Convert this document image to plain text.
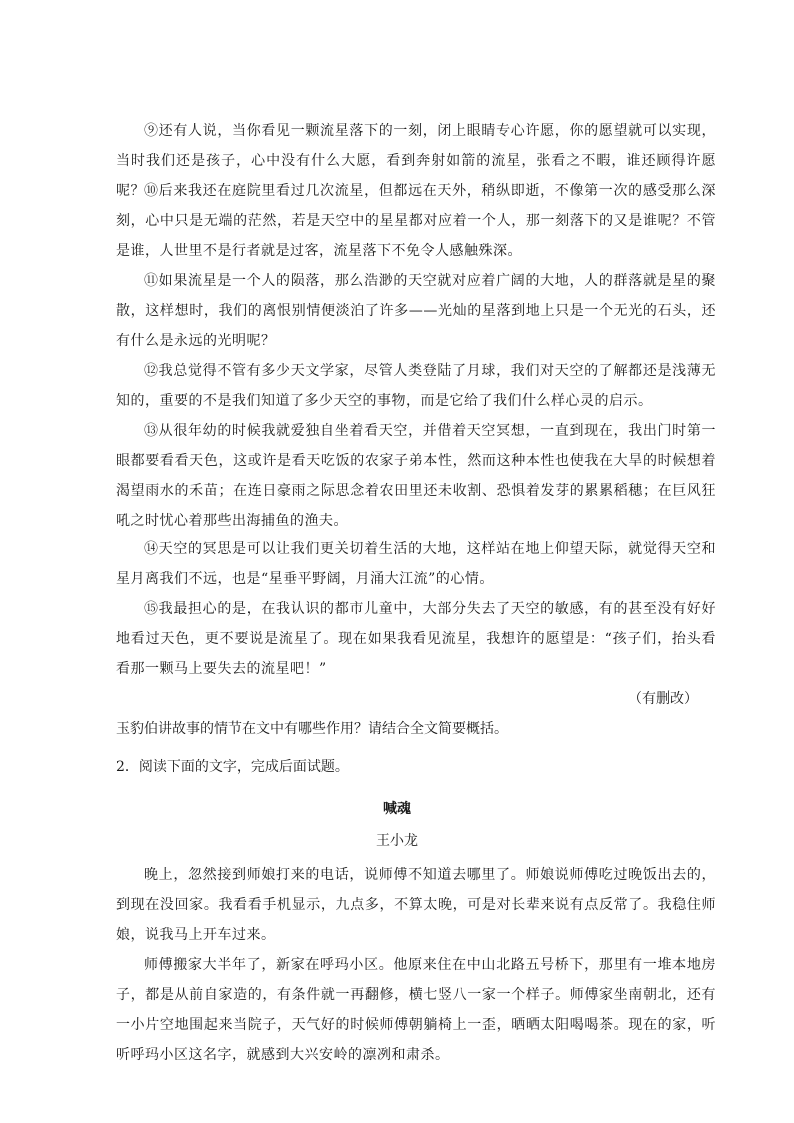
⑨还有人说，当你看见一颗流星落下的一刻，闭上眼睛专心许愿，你的愿望就可以实现，当时我们还是孩子，心中没有什么大愿，看到奔射如箭的流星，张看之不暇，谁还顾得许愿呢？ ⑩后来我还在庭院里看过几次流星，但都远在天外，稍纵即逝，不像第一次的感受那么深刻，心中只是无端的茫然，若是天空中的星星都对应着一个人，那一刻落下的又是谁呢？不管是谁，人世里不是行者就是过客，流星落下不免令人感触殊深。

⑪如果流星是一个人的陨落，那么浩渺的天空就对应着广阔的大地，人的群落就是星的聚散，这样想时，我们的离恨别情便淡泊了许多——光灿的星落到地上只是一个无光的石头，还有什么是永远的光明呢？

⑫我总觉得不管有多少天文学家，尽管人类登陆了月球，我们对天空的了解都还是浅薄无知的，重要的不是我们知道了多少天空的事物，而是它给了我们什么样心灵的启示。

⑬从很年幼的时候我就爱独自坐着看天空，并借着天空冥想，一直到现在，我出门时第一眼都要看看天色，这或许是看天吃饭的农家子弟本性，然而这种本性也使我在大旱的时候想着渴望雨水的禾苗；在连日豪雨之际思念着农田里还未收割、恐惧着发芽的累累稻穗；在巨风狂吼之时忧心着那些出海捕鱼的渔夫。

⑭天空的冥思是可以让我们更关切着生活的大地，这样站在地上仰望天际，就觉得天空和星月离我们不远，也是“星垂平野阔，月涌大江流”的心情。

⑮我最担心的是，在我认识的都市儿童中，大部分失去了天空的敏感，有的甚至没有好好地看过天色，更不要说是流星了。现在如果我看见流星，我想许的愿望是：“孩子们，抬头看看那一颗马上要失去的流星吧！”

（有删改）

玉豹伯讲故事的情节在文中有哪些作用？请结合全文简要概括。

2．阅读下面的文字，完成后面试题。

喊魂

王小龙

晚上，忽然接到师娘打来的电话，说师傅不知道去哪里了。师娘说师傅吃过晚饭出去的，到现在没回家。我看看手机显示，九点多，不算太晚，可是对长辈来说有点反常了。我稳住师娘，说我马上开车过来。

师傅搬家大半年了，新家在呼玛小区。他原来住在中山北路五号桥下，那里有一堆本地房子，都是从前自家造的，有条件就一再翻修，横七竖八一家一个样子。师傅家坐南朝北，还有一小片空地围起来当院子，天气好的时候师傅朝躺椅上一歪，晒晒太阳喝喝茶。现在的家，听听呼玛小区这名字，就感到大兴安岭的凛冽和肃杀。
